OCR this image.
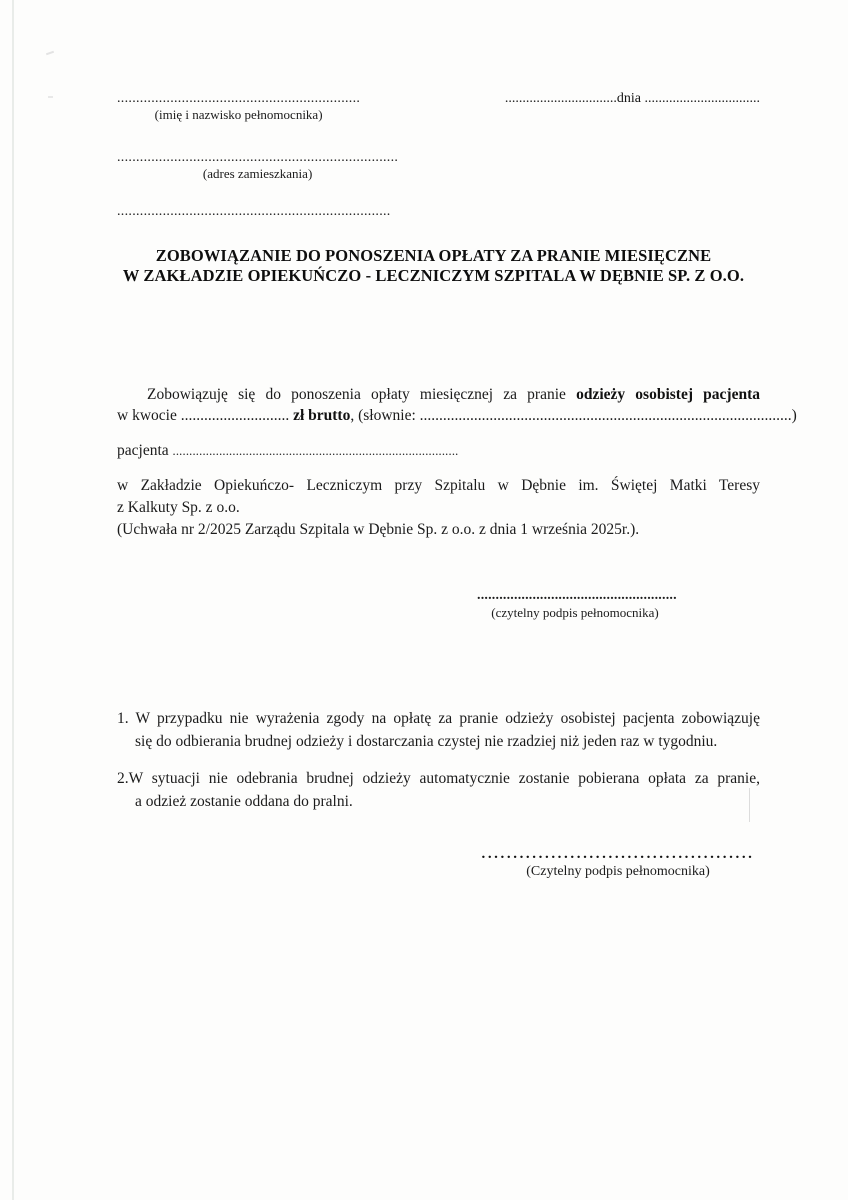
................................................................
(imię i nazwisko pełnomocnika)
................................dnia .................................
..........................................................................
(adres zamieszkania)
........................................................................
ZOBOWIĄZANIE DO PONOSZENIA OPŁATY ZA PRANIE MIESIĘCZNE
W ZAKŁADZIE OPIEKUŃCZO - LECZNICZYM SZPITALA W DĘBNIE SP. Z O.O.
Zobowiązuję się do ponoszenia opłaty miesięcznej za pranie odzieży osobistej pacjenta
w kwocie ............................ zł brutto, (słownie: ................................................................................................)
pacjenta ......................................................................................
w Zakładzie Opiekuńczo- Leczniczym przy Szpitalu w Dębnie im. Świętej Matki Teresy
z Kalkuty Sp. z o.o.
(Uchwała nr 2/2025 Zarządu Szpitala w Dębnie Sp. z o.o. z dnia 1 września 2025r.).
......................................................
(czytelny podpis pełnomocnika)
1. W przypadku nie wyrażenia zgody na opłatę za pranie odzieży osobistej pacjenta zobowiązuję
się do odbierania brudnej odzieży i dostarczania czystej nie rzadziej niż jeden raz w tygodniu.
2.W sytuacji nie odebrania brudnej odzieży automatycznie zostanie pobierana opłata za pranie,
a odzież zostanie oddana do pralni.
...........................................
(Czytelny podpis pełnomocnika)
